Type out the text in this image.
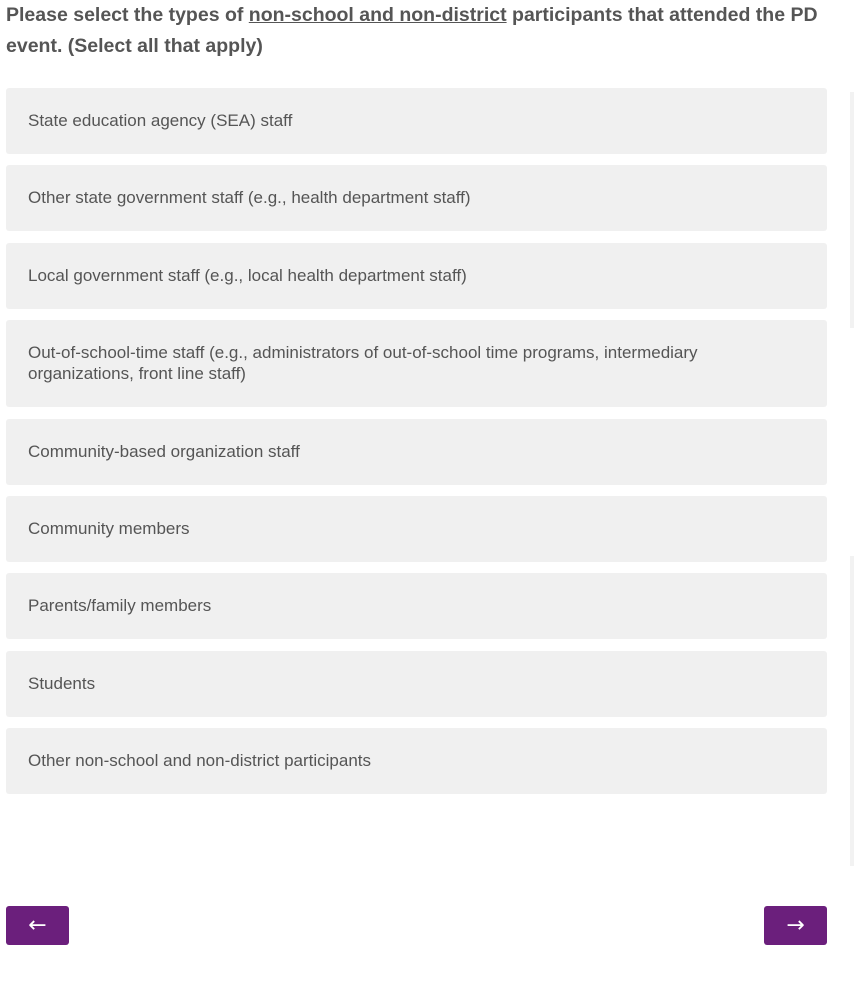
Please select the types of non-school and non-district participants that attended the PD event. (Select all that apply)

State education agency (SEA) staff
Other state government staff (e.g., health department staff)
Local government staff (e.g., local health department staff)
Out-of-school-time staff (e.g., administrators of out-of-school time programs, intermediary organizations, front line staff)
Community-based organization staff
Community members
Parents/family members
Students
Other non-school and non-district participants
←	→
